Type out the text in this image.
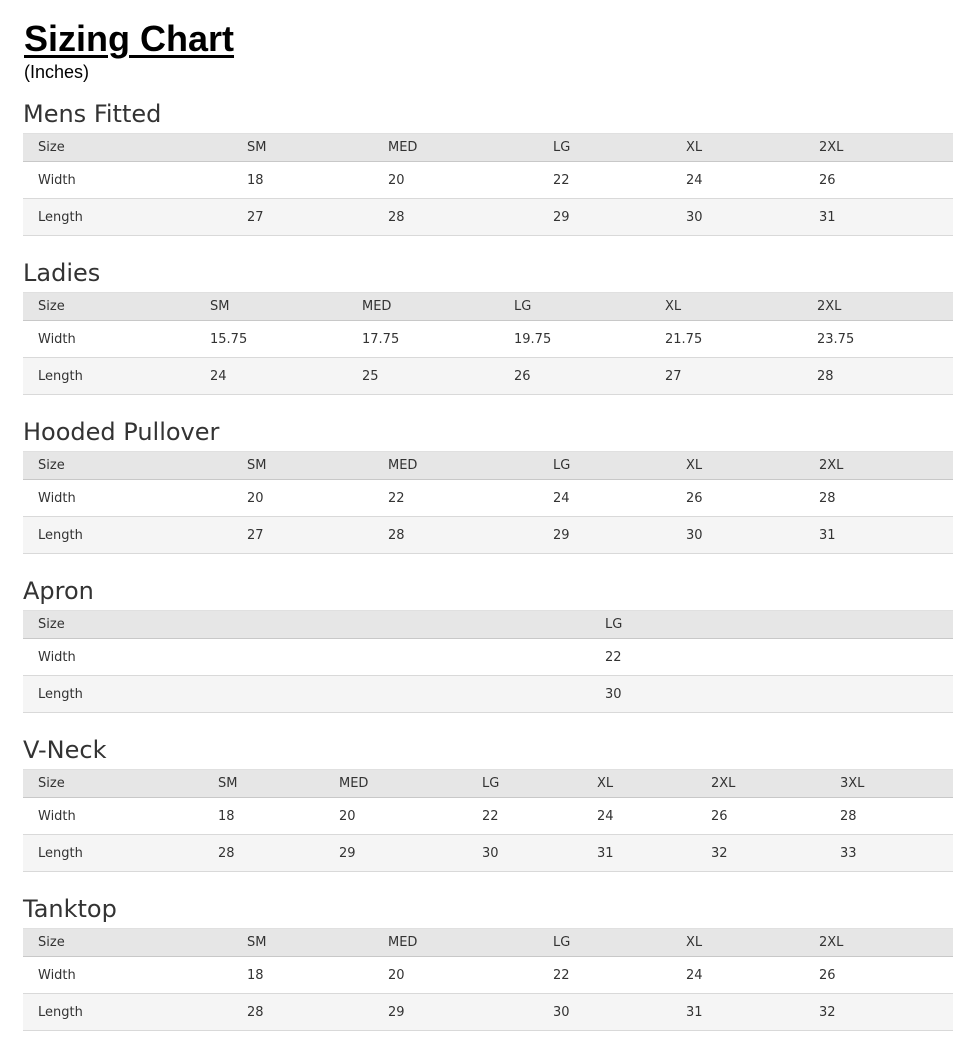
Sizing Chart
(Inches)
Mens Fitted
Size	SM	MED	LG	XL	2XL
Width	18	20	22	24	26
Length	27	28	29	30	31
Ladies
Size	SM	MED	LG	XL	2XL
Width	15.75	17.75	19.75	21.75	23.75
Length	24	25	26	27	28
Hooded Pullover
Size	SM	MED	LG	XL	2XL
Width	20	22	24	26	28
Length	27	28	29	30	31
Apron
Size	LG
Width	22
Length	30
V-Neck
Size	SM	MED	LG	XL	2XL	3XL
Width	18	20	22	24	26	28
Length	28	29	30	31	32	33
Tanktop
Size	SM	MED	LG	XL	2XL
Width	18	20	22	24	26
Length	28	29	30	31	32
